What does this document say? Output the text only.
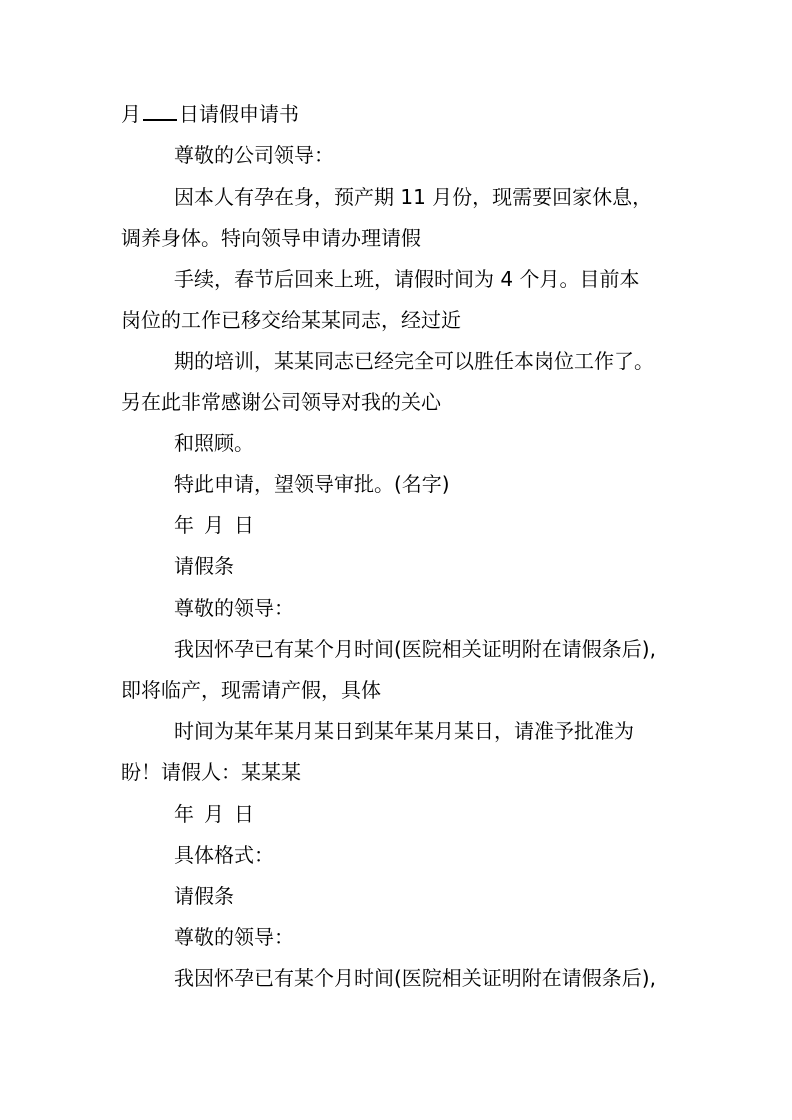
月 日请假申请书
尊敬的公司领导：
因本人有孕在身，预产期 11 月份，现需要回家休息，
调养身体。特向领导申请办理请假
手续，春节后回来上班，请假时间为 4 个月。目前本
岗位的工作已移交给某某同志，经过近
期的培训，某某同志已经完全可以胜任本岗位工作了。
另在此非常感谢公司领导对我的关心
和照顾。
特此申请，望领导审批。(名字)
年 月 日
请假条
尊敬的领导：
我因怀孕已有某个月时间(医院相关证明附在请假条后),
即将临产，现需请产假，具体
时间为某年某月某日到某年某月某日，请准予批准为
盼！请假人：某某某
年 月 日
具体格式：
请假条
尊敬的领导：
我因怀孕已有某个月时间(医院相关证明附在请假条后),
